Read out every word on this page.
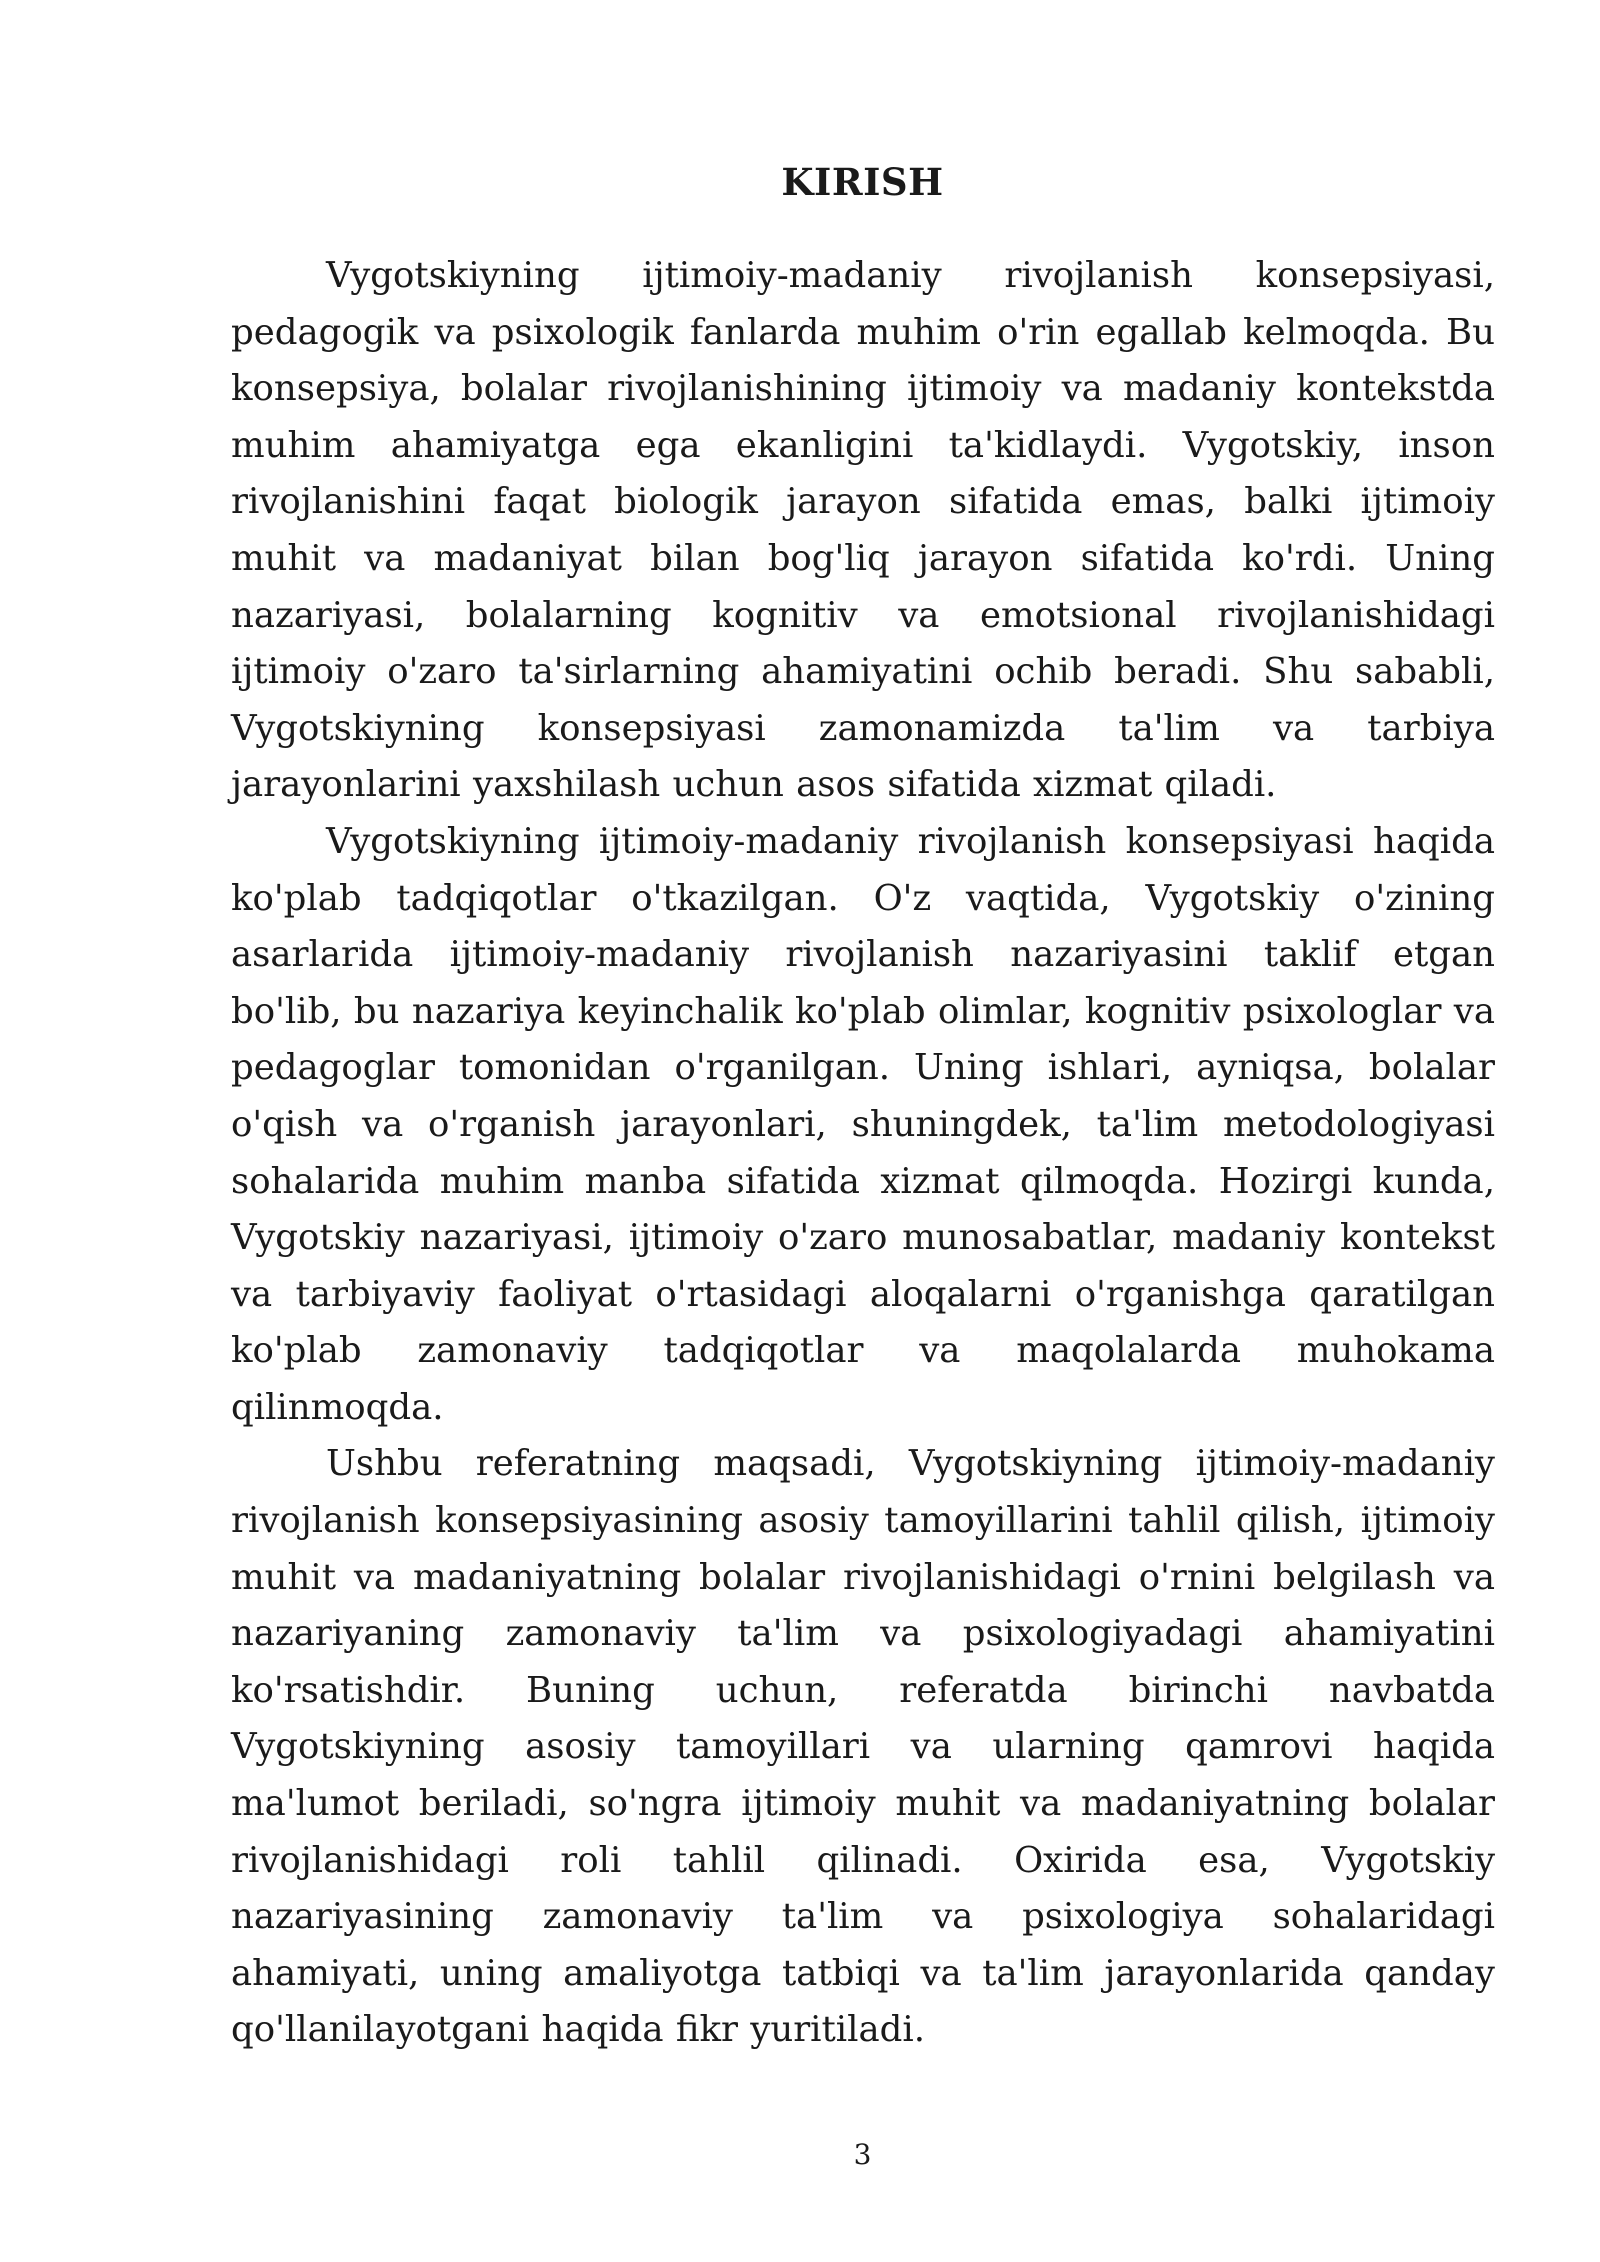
KIRISH

Vygotskiyning ijtimoiy-madaniy rivojlanish konsepsiyasi, pedagogik va psixologik fanlarda muhim o'rin egallab kelmoqda. Bu konsepsiya, bolalar rivojlanishining ijtimoiy va madaniy kontekstda muhim ahamiyatga ega ekanligini ta'kidlaydi. Vygotskiy, inson rivojlanishini faqat biologik jarayon sifatida emas, balki ijtimoiy muhit va madaniyat bilan bog'liq jarayon sifatida ko'rdi. Uning nazariyasi, bolalarning kognitiv va emotsional rivojlanishidagi ijtimoiy o'zaro ta'sirlarning ahamiyatini ochib beradi. Shu sababli, Vygotskiyning konsepsiyasi zamonamizda ta'lim va tarbiya jarayonlarini yaxshilash uchun asos sifatida xizmat qiladi.

Vygotskiyning ijtimoiy-madaniy rivojlanish konsepsiyasi haqida ko'plab tadqiqotlar o'tkazilgan. O'z vaqtida, Vygotskiy o'zining asarlarida ijtimoiy-madaniy rivojlanish nazariyasini taklif etgan bo'lib, bu nazariya keyinchalik ko'plab olimlar, kognitiv psixologlar va pedagoglar tomonidan o'rganilgan. Uning ishlari, ayniqsa, bolalar o'qish va o'rganish jarayonlari, shuningdek, ta'lim metodologiyasi sohalarida muhim manba sifatida xizmat qilmoqda. Hozirgi kunda, Vygotskiy nazariyasi, ijtimoiy o'zaro munosabatlar, madaniy kontekst va tarbiyaviy faoliyat o'rtasidagi aloqalarni o'rganishga qaratilgan ko'plab zamonaviy tadqiqotlar va maqolalarda muhokama qilinmoqda.

Ushbu referatning maqsadi, Vygotskiyning ijtimoiy-madaniy rivojlanish konsepsiyasining asosiy tamoyillarini tahlil qilish, ijtimoiy muhit va madaniyatning bolalar rivojlanishidagi o'rnini belgilash va nazariyaning zamonaviy ta'lim va psixologiyadagi ahamiyatini ko'rsatishdir. Buning uchun, referatda birinchi navbatda Vygotskiyning asosiy tamoyillari va ularning qamrovi haqida ma'lumot beriladi, so'ngra ijtimoiy muhit va madaniyatning bolalar rivojlanishidagi roli tahlil qilinadi. Oxirida esa, Vygotskiy nazariyasining zamonaviy ta'lim va psixologiya sohalaridagi ahamiyati, uning amaliyotga tatbiqi va ta'lim jarayonlarida qanday qo'llanilayotgani haqida fikr yuritiladi.

3
